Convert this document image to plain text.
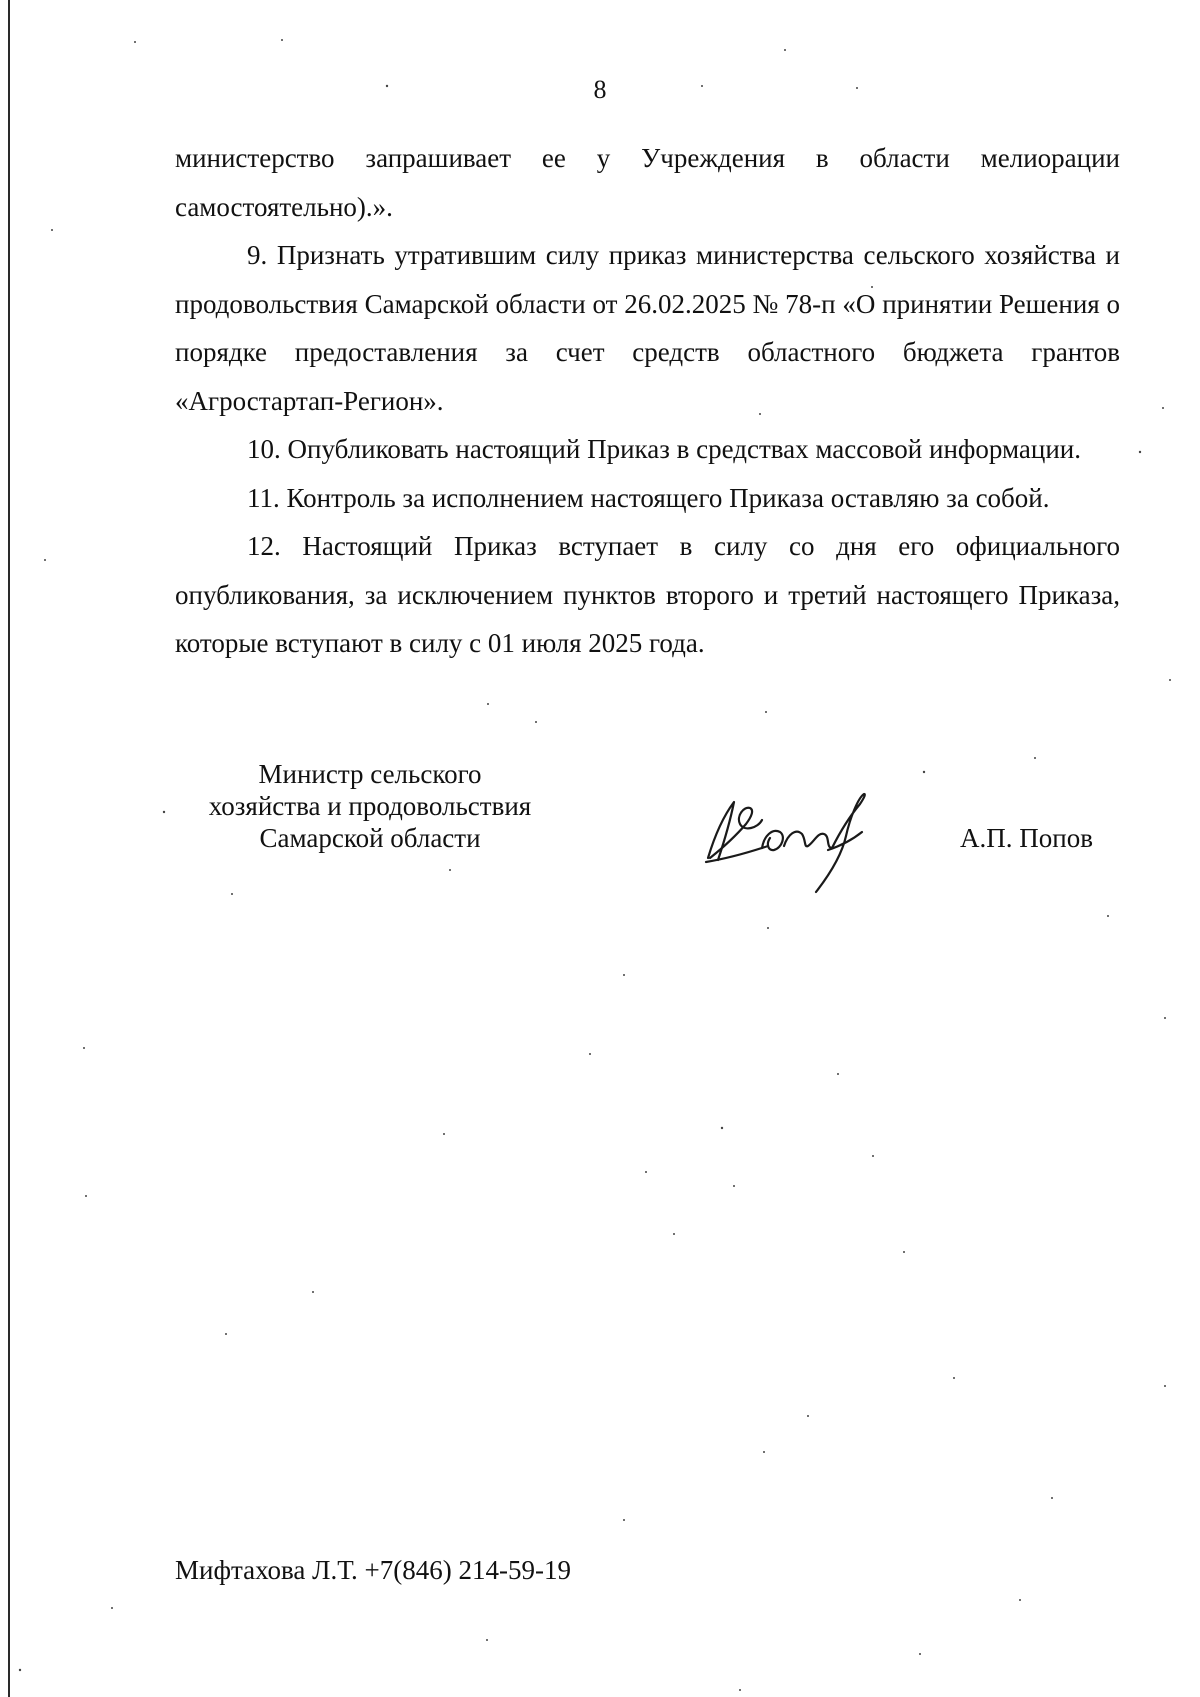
8

министерство запрашивает ее у Учреждения в области мелиорации самостоятельно).».

9. Признать утратившим силу приказ министерства сельского хозяйства и продовольствия Самарской области от 26.02.2025 № 78-п «О принятии Решения о порядке предоставления за счет средств областного бюджета грантов «Агростартап-Регион».

10. Опубликовать настоящий Приказ в средствах массовой информации.

11. Контроль за исполнением настоящего Приказа оставляю за собой.

12. Настоящий Приказ вступает в силу со дня его официального опубликования, за исключением пунктов второго и третий настоящего Приказа, которые вступают в силу с 01 июля 2025 года.

Министр сельского
хозяйства и продовольствия
Самарской области	А.П. Попов
Мифтахова Л.Т. +7(846) 214-59-19
